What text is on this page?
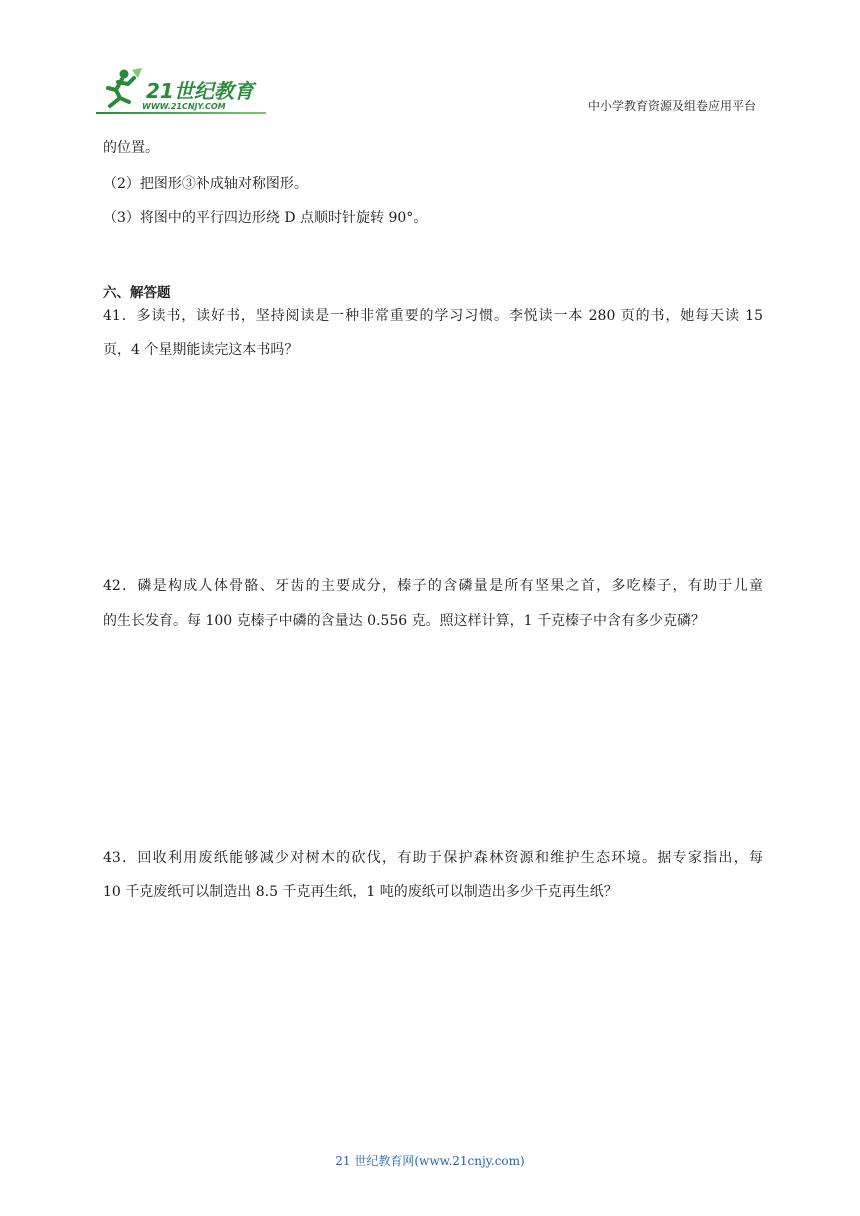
21世纪教育
WWW.21CNJY.COM	中小学教育资源及组卷应用平台
的位置。
（2）把图形③补成轴对称图形。
（3）将图中的平行四边形绕 D 点顺时针旋转 90°。
六、解答题
41．多读书，读好书，坚持阅读是一种非常重要的学习习惯。李悦读一本 280 页的书，她每天读 15
页，4 个星期能读完这本书吗？
42．磷是构成人体骨骼、牙齿的主要成分，榛子的含磷量是所有坚果之首，多吃榛子，有助于儿童
的生长发育。每 100 克榛子中磷的含量达 0.556 克。照这样计算，1 千克榛子中含有多少克磷？
43．回收利用废纸能够减少对树木的砍伐，有助于保护森林资源和维护生态环境。据专家指出，每
10 千克废纸可以制造出 8.5 千克再生纸，1 吨的废纸可以制造出多少千克再生纸？
21 世纪教育网(www.21cnjy.com)
